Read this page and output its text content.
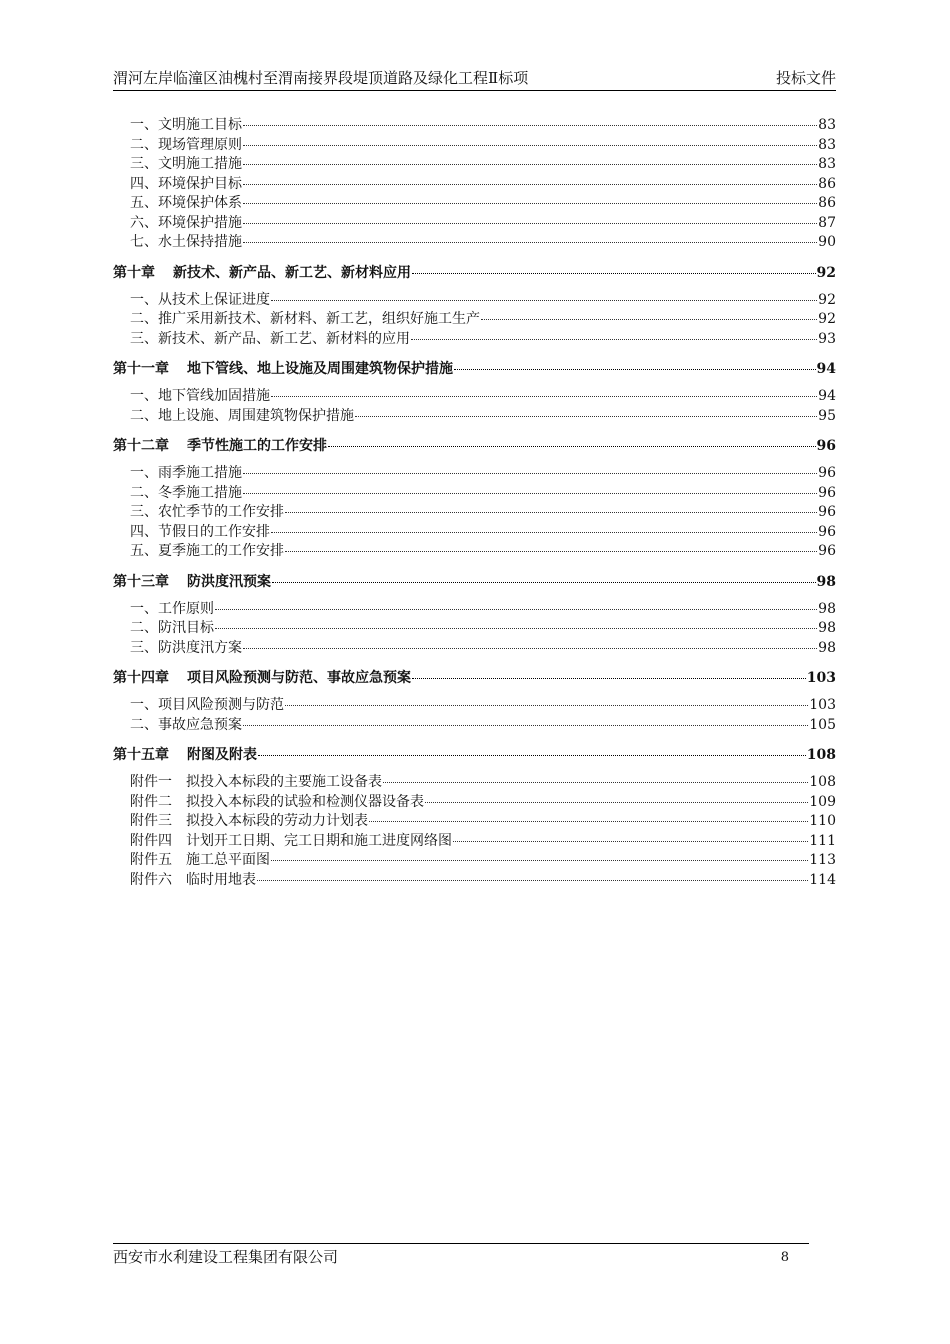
渭河左岸临潼区油槐村至渭南接界段堤顶道路及绿化工程Ⅱ标项	投标文件
一、文明施工目标	83
二、现场管理原则	83
三、文明施工措施	83
四、环境保护目标	86
五、环境保护体系	86
六、环境保护措施	87
七、水土保持措施	90
第十章 新技术、新产品、新工艺、新材料应用	92
一、从技术上保证进度	92
二、推广采用新技术、新材料、新工艺，组织好施工生产	92
三、新技术、新产品、新工艺、新材料的应用	93
第十一章 地下管线、地上设施及周围建筑物保护措施	94
一、地下管线加固措施	94
二、地上设施、周围建筑物保护措施	95
第十二章 季节性施工的工作安排	96
一、雨季施工措施	96
二、冬季施工措施	96
三、农忙季节的工作安排	96
四、节假日的工作安排	96
五、夏季施工的工作安排	96
第十三章 防洪度汛预案	98
一、工作原则	98
二、防汛目标	98
三、防洪度汛方案	98
第十四章 项目风险预测与防范、事故应急预案	103
一、项目风险预测与防范	103
二、事故应急预案	105
第十五章 附图及附表	108
附件一　拟投入本标段的主要施工设备表	108
附件二　拟投入本标段的试验和检测仪器设备表	109
附件三　拟投入本标段的劳动力计划表	110
附件四　计划开工日期、完工日期和施工进度网络图	111
附件五　施工总平面图	113
附件六　临时用地表	114
西安市水利建设工程集团有限公司	8
